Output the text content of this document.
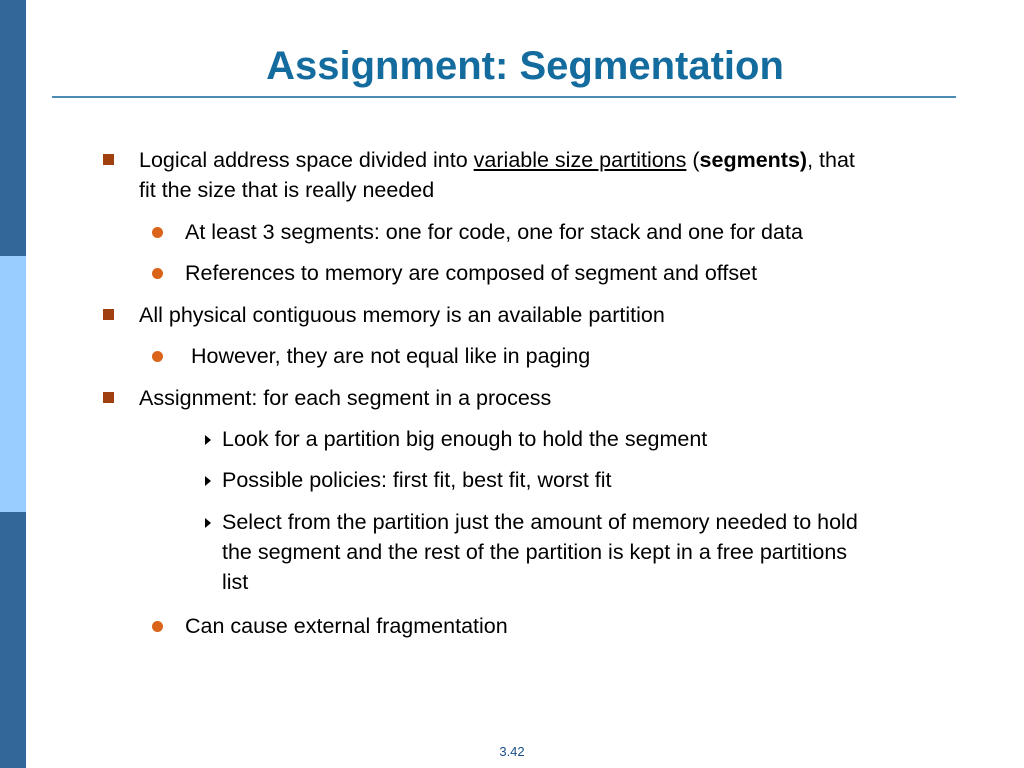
Assignment: Segmentation
Logical address space divided into variable size partitions (segments), that
fit the size that is really needed
At least 3 segments: one for code, one for stack and one for data
References to memory are composed of segment and offset
All physical contiguous memory is an available partition
However, they are not equal like in paging
Assignment: for each segment in a process
Look for a partition big enough to hold the segment
Possible policies: first fit, best fit, worst fit
Select from the partition just the amount of memory needed to hold
the segment and the rest of the partition is kept in a free partitions
list
Can cause external fragmentation
3.42
